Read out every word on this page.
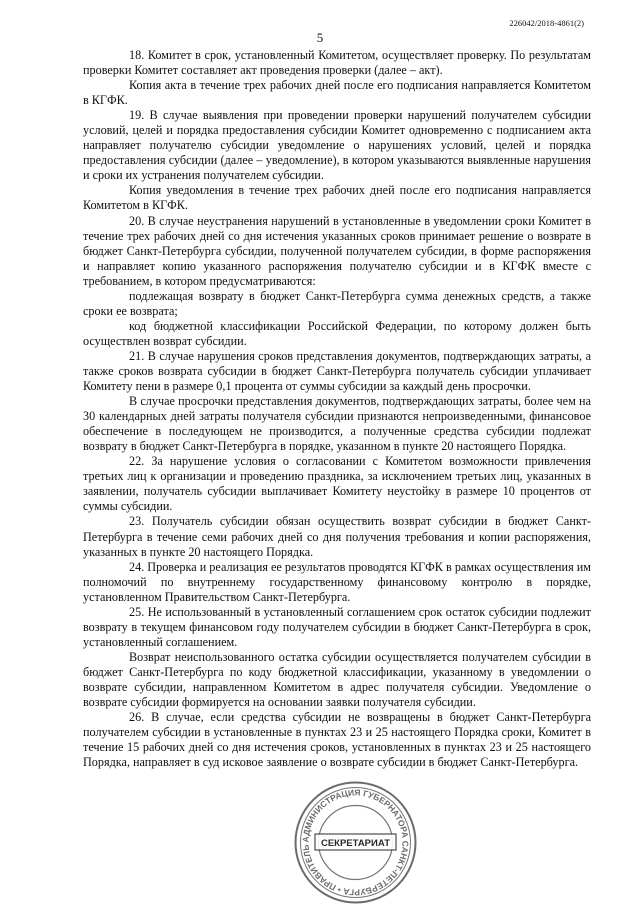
5
226042/2018-4861(2)

18. Комитет в срок, установленный Комитетом, осуществляет проверку. По результатам проверки Комитет составляет акт проведения проверки (далее – акт).

Копия акта в течение трех рабочих дней после его подписания направляется Комитетом в КГФК.

19. В случае выявления при проведении проверки нарушений получателем субсидии условий, целей и порядка предоставления субсидии Комитет одновременно с подписанием акта направляет получателю субсидии уведомление о нарушениях условий, целей и порядка предоставления субсидии (далее – уведомление), в котором указываются выявленные нарушения и сроки их устранения получателем субсидии.

Копия уведомления в течение трех рабочих дней после его подписания направляется Комитетом в КГФК.

20. В случае неустранения нарушений в установленные в уведомлении сроки Комитет в течение трех рабочих дней со дня истечения указанных сроков принимает решение о возврате в бюджет Санкт-Петербурга субсидии, полученной получателем субсидии, в форме распоряжения и направляет копию указанного распоряжения получателю субсидии и в КГФК вместе с требованием, в котором предусматриваются:

подлежащая возврату в бюджет Санкт-Петербурга сумма денежных средств, а также сроки ее возврата;

код бюджетной классификации Российской Федерации, по которому должен быть осуществлен возврат субсидии.

21. В случае нарушения сроков представления документов, подтверждающих затраты, а также сроков возврата субсидии в бюджет Санкт-Петербурга получатель субсидии уплачивает Комитету пени в размере 0,1 процента от суммы субсидии за каждый день просрочки.

В случае просрочки представления документов, подтверждающих затраты, более чем на 30 календарных дней затраты получателя субсидии признаются непроизведенными, финансовое обеспечение в последующем не производится, а полученные средства субсидии подлежат возврату в бюджет Санкт-Петербурга в порядке, указанном в пункте 20 настоящего Порядка.

22. За нарушение условия о согласовании с Комитетом возможности привлечения третьих лиц к организации и проведению праздника, за исключением третьих лиц, указанных в заявлении, получатель субсидии выплачивает Комитету неустойку в размере 10 процентов от суммы субсидии.

23. Получатель субсидии обязан осуществить возврат субсидии в бюджет Санкт-Петербурга в течение семи рабочих дней со дня получения требования и копии распоряжения, указанных в пункте 20 настоящего Порядка.

24. Проверка и реализация ее результатов проводятся КГФК в рамках осуществления им полномочий по внутреннему государственному финансовому контролю в порядке, установленном Правительством Санкт-Петербурга.

25. Не использованный в установленный соглашением срок остаток субсидии подлежит возврату в текущем финансовом году получателем субсидии в бюджет Санкт-Петербурга в срок, установленный соглашением.

Возврат неиспользованного остатка субсидии осуществляется получателем субсидии в бюджет Санкт-Петербурга по коду бюджетной классификации, указанному в уведомлении о возврате субсидии, направленном Комитетом в адрес получателя субсидии. Уведомление о возврате субсидии формируется на основании заявки получателя субсидии.

26. В случае, если средства субсидии не возвращены в бюджет Санкт-Петербурга получателем субсидии в установленные в пунктах 23 и 25 настоящего Порядка сроки, Комитет в течение 15 рабочих дней со дня истечения сроков, установленных в пунктах 23 и 25 настоящего Порядка, направляет в суд исковое заявление о возврате субсидии в бюджет Санкт-Петербурга.

АДМИНИСТРАЦИЯ ГУБЕРНАТОРА САНКТ-ПЕТЕРБУРГА • ПРАВИТЕЛЬ	СЕКРЕТАРИАТ
